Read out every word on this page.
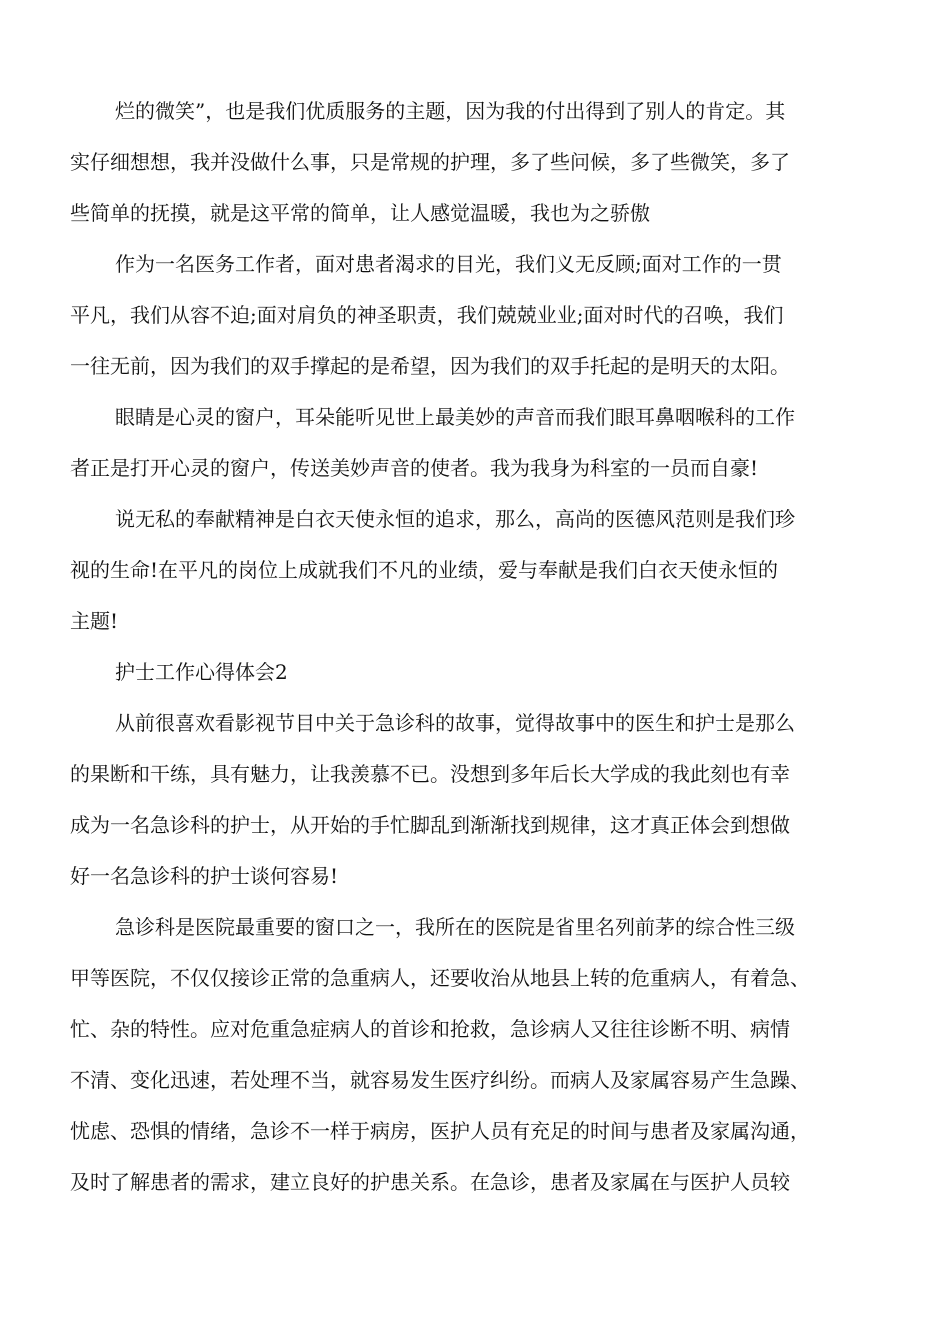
烂的微笑”，也是我们优质服务的主题，因为我的付出得到了别人的肯定。其
实仔细想想，我并没做什么事，只是常规的护理，多了些问候，多了些微笑，多了
些简单的抚摸，就是这平常的简单，让人感觉温暖，我也为之骄傲
作为一名医务工作者，面对患者渴求的目光，我们义无反顾;面对工作的一贯
平凡，我们从容不迫;面对肩负的神圣职责，我们兢兢业业;面对时代的召唤，我们
一往无前，因为我们的双手撑起的是希望，因为我们的双手托起的是明天的太阳。
眼睛是心灵的窗户，耳朵能听见世上最美妙的声音而我们眼耳鼻咽喉科的工作
者正是打开心灵的窗户，传送美妙声音的使者。我为我身为科室的一员而自豪!
说无私的奉献精神是白衣天使永恒的追求，那么，高尚的医德风范则是我们珍
视的生命!在平凡的岗位上成就我们不凡的业绩，爱与奉献是我们白衣天使永恒的
主题!
护士工作心得体会2
从前很喜欢看影视节目中关于急诊科的故事，觉得故事中的医生和护士是那么
的果断和干练，具有魅力，让我羡慕不已。没想到多年后长大学成的我此刻也有幸
成为一名急诊科的护士，从开始的手忙脚乱到渐渐找到规律，这才真正体会到想做
好一名急诊科的护士谈何容易!
急诊科是医院最重要的窗口之一，我所在的医院是省里名列前茅的综合性三级
甲等医院，不仅仅接诊正常的急重病人，还要收治从地县上转的危重病人，有着急、
忙、杂的特性。应对危重急症病人的首诊和抢救，急诊病人又往往诊断不明、病情
不清、变化迅速，若处理不当，就容易发生医疗纠纷。而病人及家属容易产生急躁、
忧虑、恐惧的情绪，急诊不一样于病房，医护人员有充足的时间与患者及家属沟通，
及时了解患者的需求，建立良好的护患关系。在急诊，患者及家属在与医护人员较
